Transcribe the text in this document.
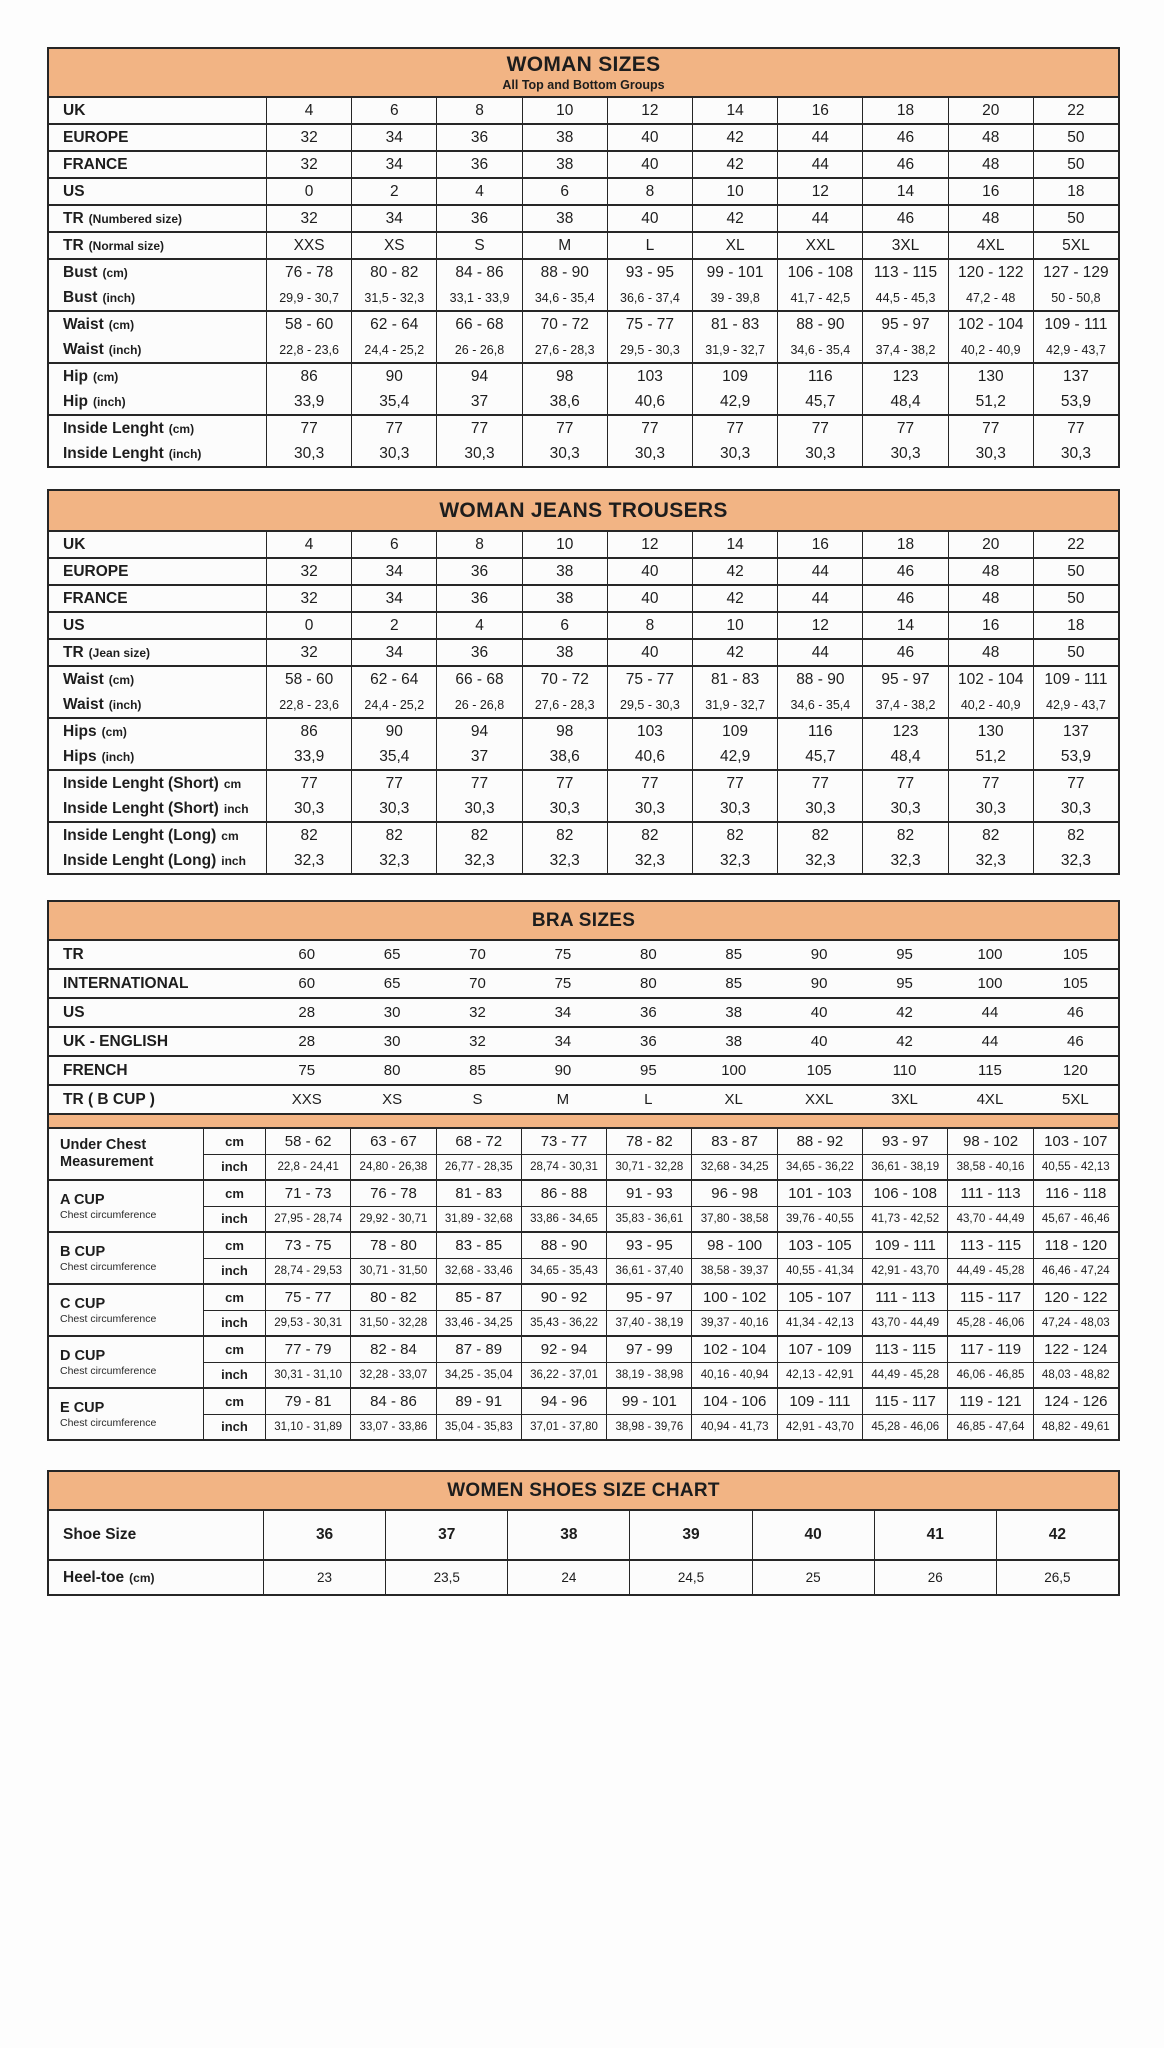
WOMAN SIZES
All Top and Bottom Groups
UK	4	6	8	10	12	14	16	18	20	22
EUROPE	32	34	36	38	40	42	44	46	48	50
FRANCE	32	34	36	38	40	42	44	46	48	50
US	0	2	4	6	8	10	12	14	16	18
TR (Numbered size)	32	34	36	38	40	42	44	46	48	50
TR (Normal size)	XXS	XS	S	M	L	XL	XXL	3XL	4XL	5XL
Bust (cm)	76 - 78	80 - 82	84 - 86	88 - 90	93 - 95	99 - 101	106 - 108	113 - 115	120 - 122	127 - 129
Bust (inch)	29,9 - 30,7	31,5 - 32,3	33,1 - 33,9	34,6 - 35,4	36,6 - 37,4	39 - 39,8	41,7 - 42,5	44,5 - 45,3	47,2 - 48	50 - 50,8
Waist (cm)	58 - 60	62 - 64	66 - 68	70 - 72	75 - 77	81 - 83	88 - 90	95 - 97	102 - 104	109 - 111
Waist (inch)	22,8 - 23,6	24,4 - 25,2	26 - 26,8	27,6 - 28,3	29,5 - 30,3	31,9 - 32,7	34,6 - 35,4	37,4 - 38,2	40,2 - 40,9	42,9 - 43,7
Hip (cm)	86	90	94	98	103	109	116	123	130	137
Hip (inch)	33,9	35,4	37	38,6	40,6	42,9	45,7	48,4	51,2	53,9
Inside Lenght (cm)	77	77	77	77	77	77	77	77	77	77
Inside Lenght (inch)	30,3	30,3	30,3	30,3	30,3	30,3	30,3	30,3	30,3	30,3
WOMAN JEANS TROUSERS
UK	4	6	8	10	12	14	16	18	20	22
EUROPE	32	34	36	38	40	42	44	46	48	50
FRANCE	32	34	36	38	40	42	44	46	48	50
US	0	2	4	6	8	10	12	14	16	18
TR (Jean size)	32	34	36	38	40	42	44	46	48	50
Waist (cm)	58 - 60	62 - 64	66 - 68	70 - 72	75 - 77	81 - 83	88 - 90	95 - 97	102 - 104	109 - 111
Waist (inch)	22,8 - 23,6	24,4 - 25,2	26 - 26,8	27,6 - 28,3	29,5 - 30,3	31,9 - 32,7	34,6 - 35,4	37,4 - 38,2	40,2 - 40,9	42,9 - 43,7
Hips (cm)	86	90	94	98	103	109	116	123	130	137
Hips (inch)	33,9	35,4	37	38,6	40,6	42,9	45,7	48,4	51,2	53,9
Inside Lenght (Short) cm	77	77	77	77	77	77	77	77	77	77
Inside Lenght (Short) inch	30,3	30,3	30,3	30,3	30,3	30,3	30,3	30,3	30,3	30,3
Inside Lenght (Long) cm	82	82	82	82	82	82	82	82	82	82
Inside Lenght (Long) inch	32,3	32,3	32,3	32,3	32,3	32,3	32,3	32,3	32,3	32,3
BRA SIZES
TR	60	65	70	75	80	85	90	95	100	105
INTERNATIONAL	60	65	70	75	80	85	90	95	100	105
US	28	30	32	34	36	38	40	42	44	46
UK - ENGLISH	28	30	32	34	36	38	40	42	44	46
FRENCH	75	80	85	90	95	100	105	110	115	120
TR ( B CUP )	XXS	XS	S	M	L	XL	XXL	3XL	4XL	5XL
Under Chest
Measurement
cm	58 - 62	63 - 67	68 - 72	73 - 77	78 - 82	83 - 87	88 - 92	93 - 97	98 - 102	103 - 107
inch	22,8 - 24,41	24,80 - 26,38	26,77 - 28,35	28,74 - 30,31	30,71 - 32,28	32,68 - 34,25	34,65 - 36,22	36,61 - 38,19	38,58 - 40,16	40,55 - 42,13
A CUP
Chest circumference
cm	71 - 73	76 - 78	81 - 83	86 - 88	91 - 93	96 - 98	101 - 103	106 - 108	111 - 113	116 - 118
inch	27,95 - 28,74	29,92 - 30,71	31,89 - 32,68	33,86 - 34,65	35,83 - 36,61	37,80 - 38,58	39,76 - 40,55	41,73 - 42,52	43,70 - 44,49	45,67 - 46,46
B CUP
Chest circumference
cm	73 - 75	78 - 80	83 - 85	88 - 90	93 - 95	98 - 100	103 - 105	109 - 111	113 - 115	118 - 120
inch	28,74 - 29,53	30,71 - 31,50	32,68 - 33,46	34,65 - 35,43	36,61 - 37,40	38,58 - 39,37	40,55 - 41,34	42,91 - 43,70	44,49 - 45,28	46,46 - 47,24
C CUP
Chest circumference
cm	75 - 77	80 - 82	85 - 87	90 - 92	95 - 97	100 - 102	105 - 107	111 - 113	115 - 117	120 - 122
inch	29,53 - 30,31	31,50 - 32,28	33,46 - 34,25	35,43 - 36,22	37,40 - 38,19	39,37 - 40,16	41,34 - 42,13	43,70 - 44,49	45,28 - 46,06	47,24 - 48,03
D CUP
Chest circumference
cm	77 - 79	82 - 84	87 - 89	92 - 94	97 - 99	102 - 104	107 - 109	113 - 115	117 - 119	122 - 124
inch	30,31 - 31,10	32,28 - 33,07	34,25 - 35,04	36,22 - 37,01	38,19 - 38,98	40,16 - 40,94	42,13 - 42,91	44,49 - 45,28	46,06 - 46,85	48,03 - 48,82
E CUP
Chest circumference
cm	79 - 81	84 - 86	89 - 91	94 - 96	99 - 101	104 - 106	109 - 111	115 - 117	119 - 121	124 - 126
inch	31,10 - 31,89	33,07 - 33,86	35,04 - 35,83	37,01 - 37,80	38,98 - 39,76	40,94 - 41,73	42,91 - 43,70	45,28 - 46,06	46,85 - 47,64	48,82 - 49,61
WOMEN SHOES SIZE CHART
Shoe Size	36	37	38	39	40	41	42
Heel-toe (cm)	23	23,5	24	24,5	25	26	26,5
